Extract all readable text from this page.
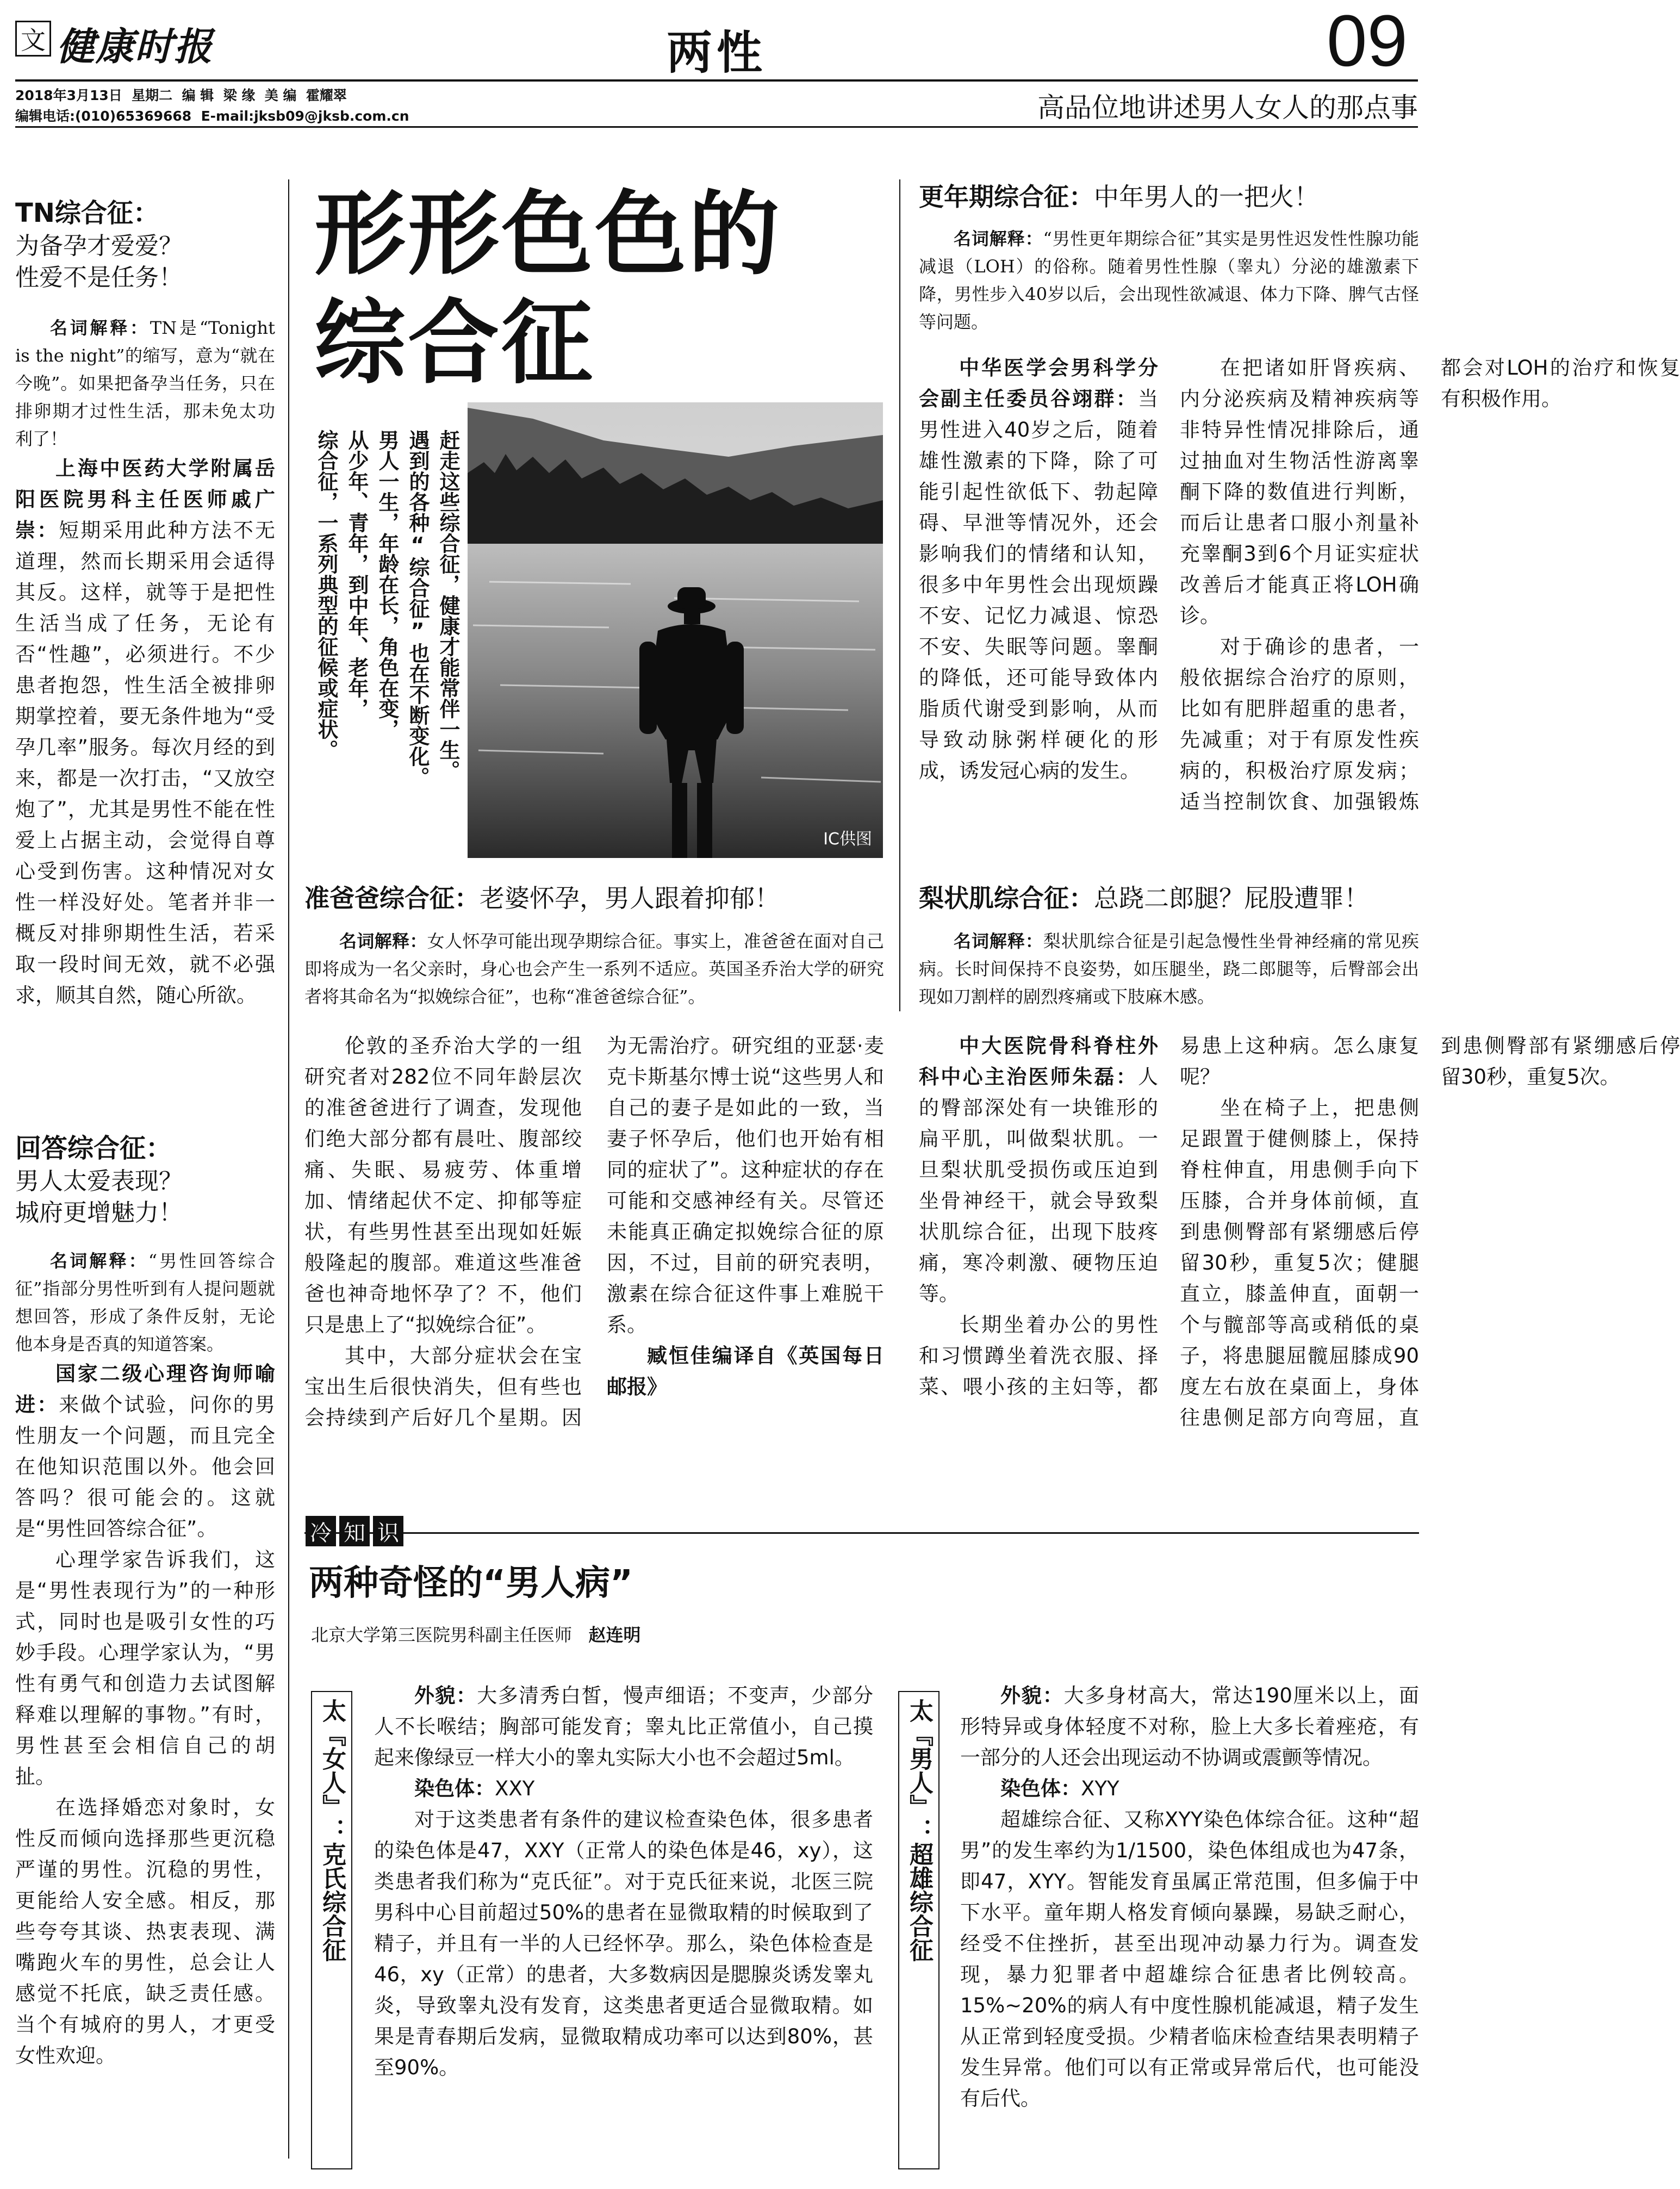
文 健康时报	两性	09
2018年3月13日  星期二  编 辑  梁 缘  美 编  霍耀翠
编辑电话:(010)65369668  E-mail:jksb09@jksb.com.cn	高品位地讲述男人女人的那点事
TN综合征：
为备孕才爱爱？
性爱不是任务！
名词解释：TN是“Tonight is the night”的缩写，意为“就在今晚”。如果把备孕当任务，只在排卵期才过性生活，那未免太功利了！

上海中医药大学附属岳阳医院男科主任医师戚广崇：短期采用此种方法不无道理，然而长期采用会适得其反。这样，就等于是把性生活当成了任务，无论有否“性趣”，必须进行。不少患者抱怨，性生活全被排卵期掌控着，要无条件地为“受孕几率”服务。每次月经的到来，都是一次打击，“又放空炮了”，尤其是男性不能在性爱上占据主动，会觉得自尊心受到伤害。这种情况对女性一样没好处。笔者并非一概反对排卵期性生活，若采取一段时间无效，就不必强求，顺其自然，随心所欲。

回答综合征：
男人太爱表现？
城府更增魅力！
名词解释：“男性回答综合征”指部分男性听到有人提问题就想回答，形成了条件反射，无论他本身是否真的知道答案。

国家二级心理咨询师喻进：来做个试验，问你的男性朋友一个问题，而且完全在他知识范围以外。他会回答吗？很可能会的。这就是“男性回答综合征”。

心理学家告诉我们，这是“男性表现行为”的一种形式，同时也是吸引女性的巧妙手段。心理学家认为，“男性有勇气和创造力去试图解释难以理解的事物。”有时，男性甚至会相信自己的胡扯。

在选择婚恋对象时，女性反而倾向选择那些更沉稳严谨的男性。沉稳的男性，更能给人安全感。相反，那些夸夸其谈、热衷表现、满嘴跑火车的男性，总会让人感觉不托底，缺乏责任感。当个有城府的男人，才更受女性欢迎。

形形色色的
综合征
赶走这些综合征，健康才能常伴一生。
遇到的各种“综合征”也在不断变化。
男人一生，年龄在长，角色在变，
从少年、青年，到中年、老年，
综合征，一系列典型的征候或症状。
IC供图
更年期综合征：中年男人的一把火！
名词解释：“男性更年期综合征”其实是男性迟发性性腺功能减退（LOH）的俗称。随着男性性腺（睾丸）分泌的雄激素下降，男性步入40岁以后，会出现性欲减退、体力下降、脾气古怪等问题。

中华医学会男科学分会副主任委员谷翊群：当男性进入40岁之后，随着雄性激素的下降，除了可能引起性欲低下、勃起障碍、早泄等情况外，还会影响我们的情绪和认知，很多中年男性会出现烦躁不安、记忆力减退、惊恐不安、失眠等问题。睾酮的降低，还可能导致体内脂质代谢受到影响，从而导致动脉粥样硬化的形成，诱发冠心病的发生。

在把诸如肝肾疾病、内分泌疾病及精神疾病等非特异性情况排除后，通过抽血对生物活性游离睾酮下降的数值进行判断，而后让患者口服小剂量补充睾酮3到6个月证实症状改善后才能真正将LOH确诊。

对于确诊的患者，一般依据综合治疗的原则，比如有肥胖超重的患者，先减重；对于有原发性疾病的，积极治疗原发病；适当控制饮食、加强锻炼都会对LOH的治疗和恢复有积极作用。

准爸爸综合征：老婆怀孕，男人跟着抑郁！
名词解释：女人怀孕可能出现孕期综合征。事实上，准爸爸在面对自己即将成为一名父亲时，身心也会产生一系列不适应。英国圣乔治大学的研究者将其命名为“拟娩综合征”，也称“准爸爸综合征”。

伦敦的圣乔治大学的一组研究者对282位不同年龄层次的准爸爸进行了调查，发现他们绝大部分都有晨吐、腹部绞痛、失眠、易疲劳、体重增加、情绪起伏不定、抑郁等症状，有些男性甚至出现如妊娠般隆起的腹部。难道这些准爸爸也神奇地怀孕了？不，他们只是患上了“拟娩综合征”。

其中，大部分症状会在宝宝出生后很快消失，但有些也会持续到产后好几个星期。因为无需治疗。研究组的亚瑟·麦克卡斯基尔博士说“这些男人和自己的妻子是如此的一致，当妻子怀孕后，他们也开始有相同的症状了”。这种症状的存在可能和交感神经有关。尽管还未能真正确定拟娩综合征的原因，不过，目前的研究表明，激素在综合征这件事上难脱干系。

臧恒佳编译自《英国每日邮报》

梨状肌综合征：总跷二郎腿？屁股遭罪！
名词解释：梨状肌综合征是引起急慢性坐骨神经痛的常见疾病。长时间保持不良姿势，如压腿坐，跷二郎腿等，后臀部会出现如刀割样的剧烈疼痛或下肢麻木感。

中大医院骨科脊柱外科中心主治医师朱磊：人的臀部深处有一块锥形的扁平肌，叫做梨状肌。一旦梨状肌受损伤或压迫到坐骨神经干，就会导致梨状肌综合征，出现下肢疼痛，寒冷刺激、硬物压迫等。

长期坐着办公的男性和习惯蹲坐着洗衣服、择菜、喂小孩的主妇等，都易患上这种病。怎么康复呢？

坐在椅子上，把患侧足跟置于健侧膝上，保持脊柱伸直，用患侧手向下压膝，合并身体前倾，直到患侧臀部有紧绷感后停留30秒，重复5次；健腿直立，膝盖伸直，面朝一个与髋部等高或稍低的桌子，将患腿屈髋屈膝成90度左右放在桌面上，身体往患侧足部方向弯屈，直到患侧臀部有紧绷感后停留30秒，重复5次。

冷 知 识
两种奇怪的“男人病”
北京大学第三医院男科副主任医师 赵连明
太『女人』：克氏综合征

外貌：大多清秀白皙，慢声细语；不变声，少部分人不长喉结；胸部可能发育；睾丸比正常值小，自己摸起来像绿豆一样大小的睾丸实际大小也不会超过5ml。

染色体：XXY

对于这类患者有条件的建议检查染色体，很多患者的染色体是47，XXY（正常人的染色体是46，xy），这类患者我们称为“克氏征”。对于克氏征来说，北医三院男科中心目前超过50%的患者在显微取精的时候取到了精子，并且有一半的人已经怀孕。那么，染色体检查是46，xy（正常）的患者，大多数病因是腮腺炎诱发睾丸炎，导致睾丸没有发育，这类患者更适合显微取精。如果是青春期后发病，显微取精成功率可以达到80%，甚至90%。

太『男人』：超雄综合征

外貌：大多身材高大，常达190厘米以上，面形特异或身体轻度不对称，脸上大多长着痤疮，有一部分的人还会出现运动不协调或震颤等情况。

染色体：XYY

超雄综合征、又称XYY染色体综合征。这种“超男”的发生率约为1/1500，染色体组成也为47条，即47，XYY。智能发育虽属正常范围，但多偏于中下水平。童年期人格发育倾向暴躁，易缺乏耐心，经受不住挫折，甚至出现冲动暴力行为。调查发现，暴力犯罪者中超雄综合征患者比例较高。15%~20%的病人有中度性腺机能减退，精子发生从正常到轻度受损。少精者临床检查结果表明精子发生异常。他们可以有正常或异常后代，也可能没有后代。
